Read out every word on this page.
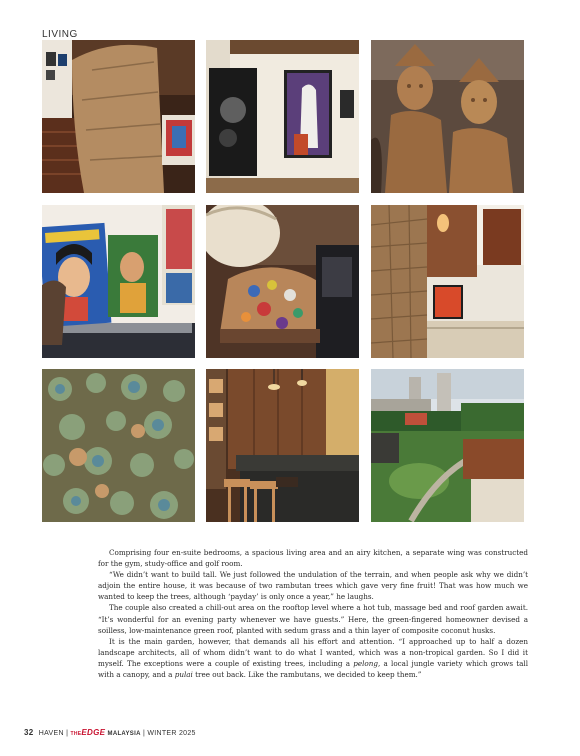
LIVING

Comprising four en-suite bedrooms, a spacious living area and an airy kitchen, a separate wing was constructed for the gym, study-office and golf room.

“We didn’t want to build tall. We just followed the undulation of the terrain, and when people ask why we didn’t adjoin the entire house, it was because of two rambutan trees which gave very fine fruit! That was how much we wanted to keep the trees, although ‘payday’ is only once a year,” he laughs.

The couple also created a chill-out area on the rooftop level where a hot tub, massage bed and roof garden await. “It’s wonderful for an evening party whenever we have guests.” Here, the green-fingered homeowner devised a soilless, low-maintenance green roof, planted with sedum grass and a thin layer of composite coconut husks.

It is the main garden, however, that demands all his effort and attention. “I approached up to half a dozen landscape architects, all of whom didn’t want to do what I wanted, which was a non-tropical garden. So I did it myself. The exceptions were a couple of existing trees, including a pelong, a local jungle variety which grows tall with a canopy, and a pulai tree out back. Like the rambutans, we decided to keep them.”

32 HAVEN | THEEDGE MALAYSIA | WINTER 2025
